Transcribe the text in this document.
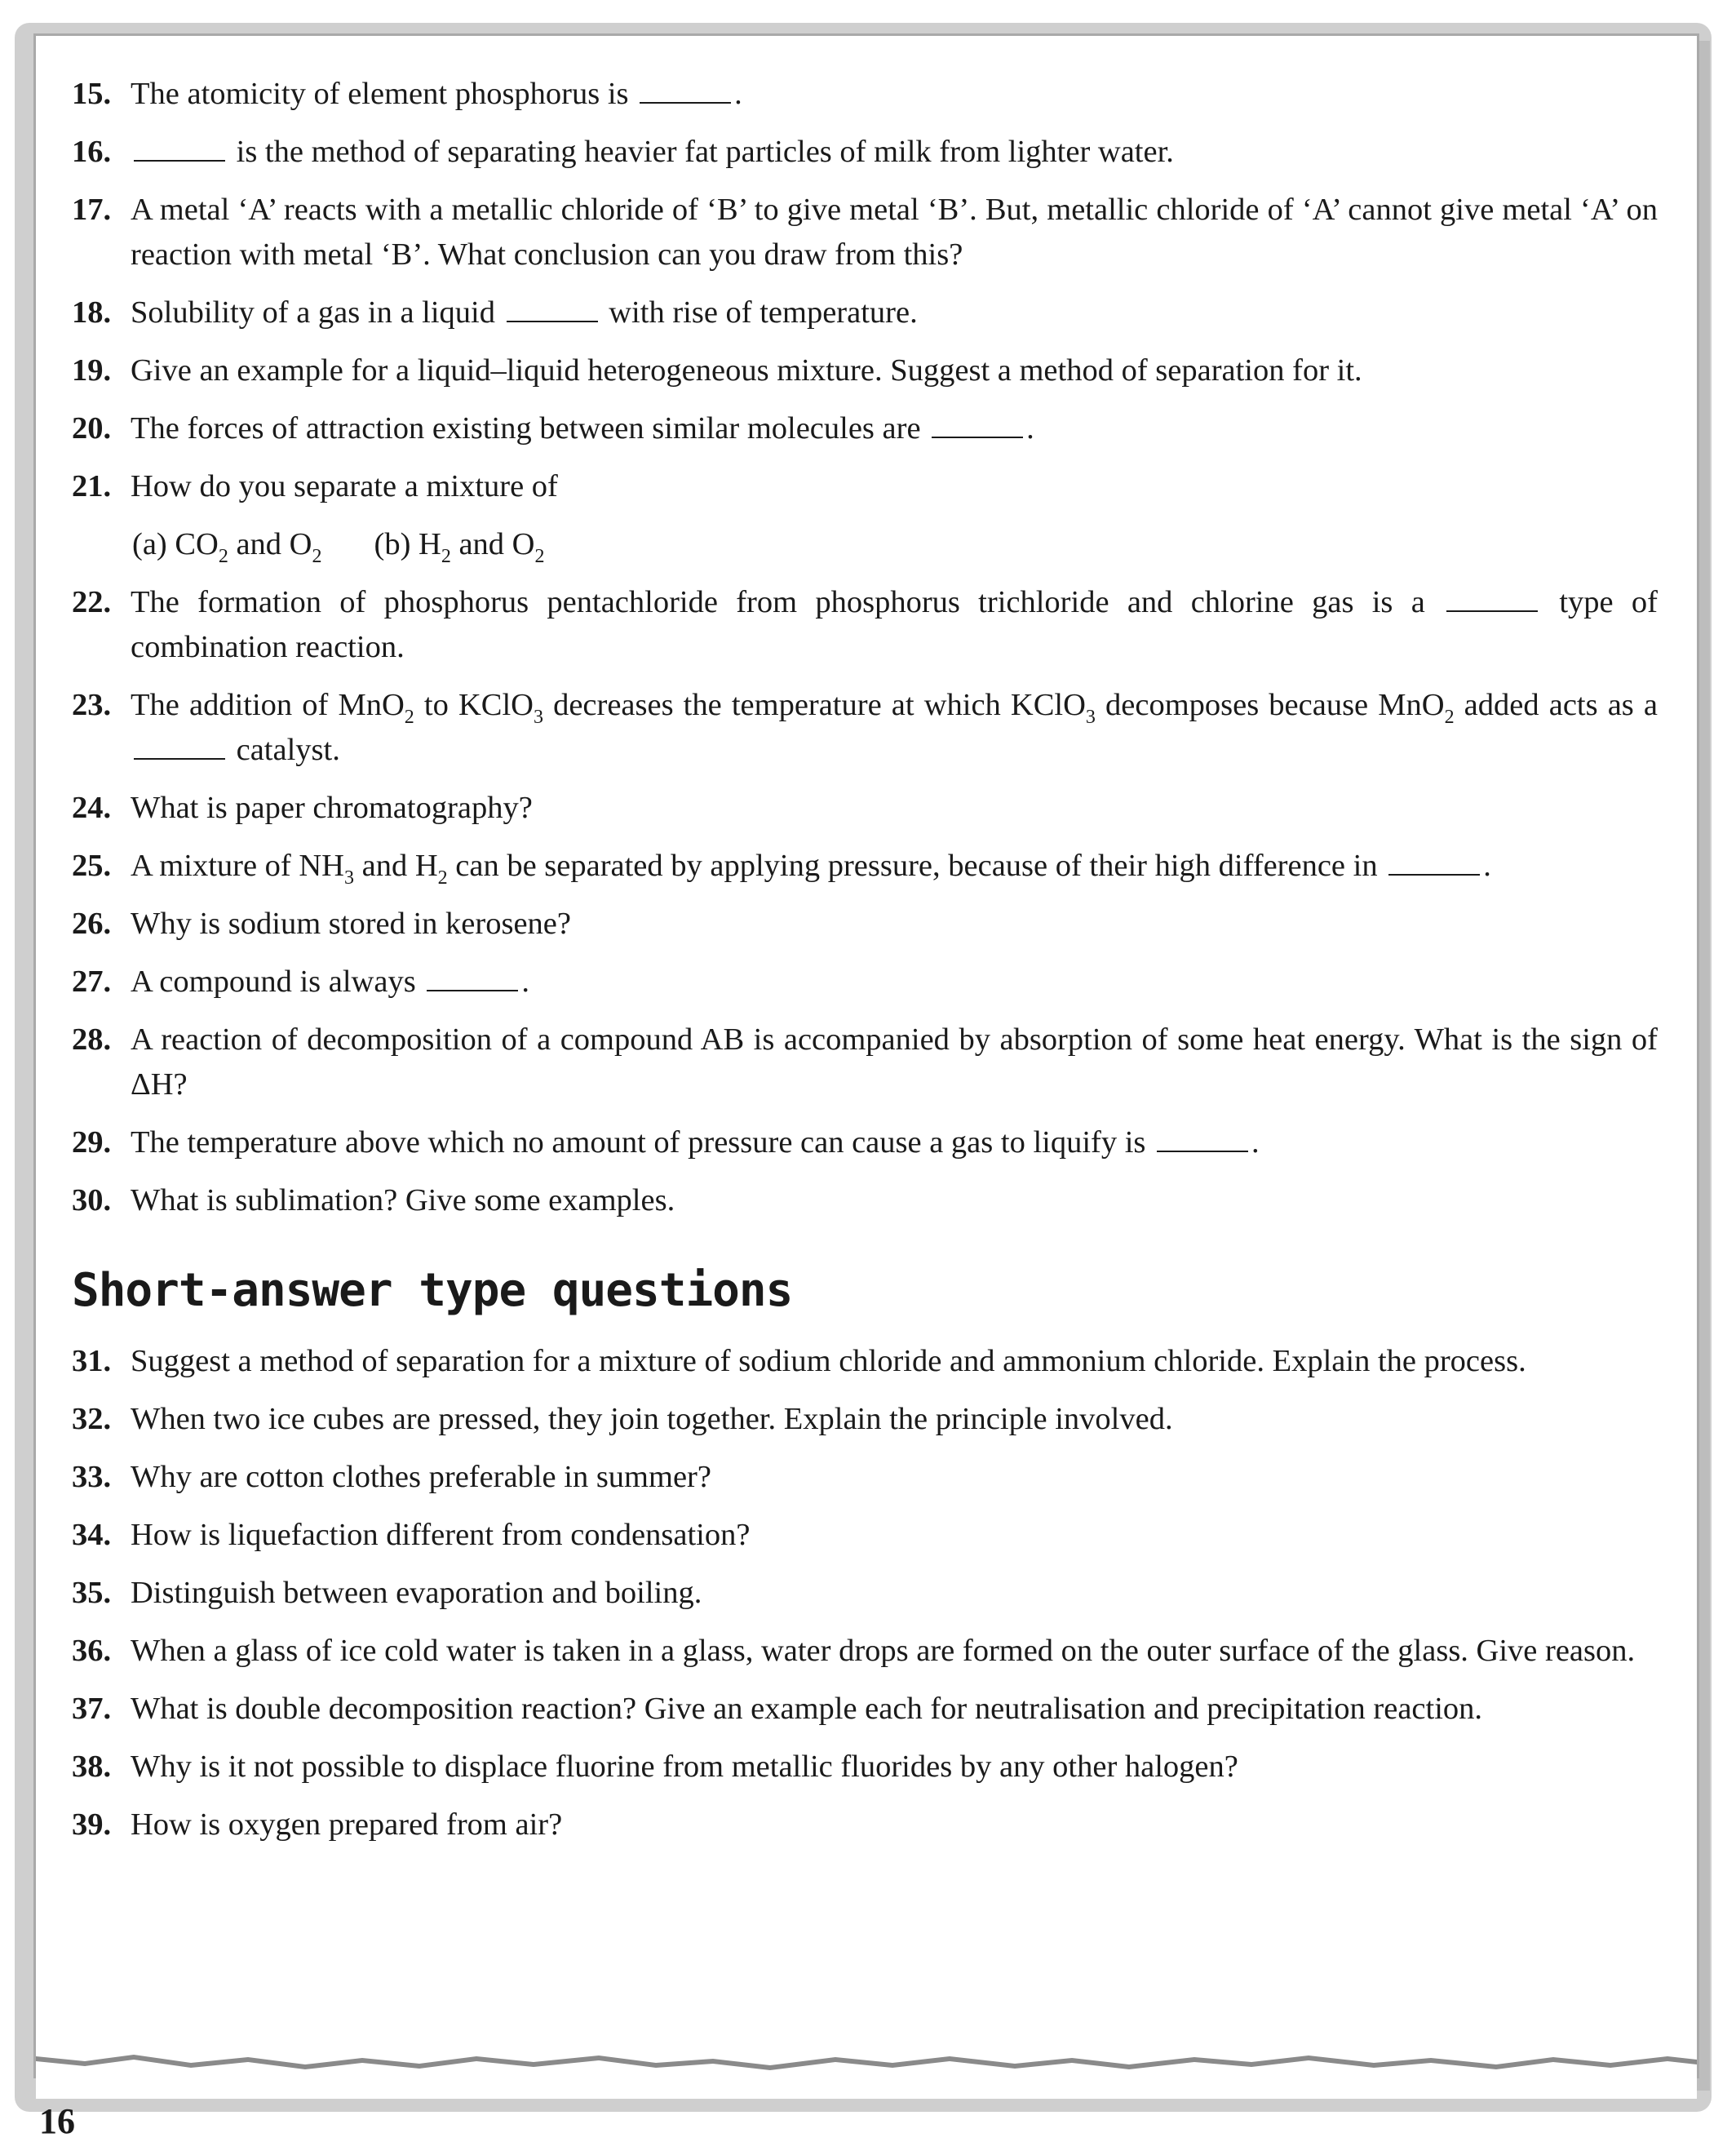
15. The atomicity of element phosphorus is	.
16.	is the method of separating heavier fat particles of milk from lighter water.
17. A metal ‘A’ reacts with a metallic chloride of ‘B’ to give metal ‘B’. But, metallic chloride of ‘A’ cannot give metal ‘A’ on reaction with metal ‘B’. What conclusion can you draw from this?
18. Solubility of a gas in a liquid	with rise of temperature.
19. Give an example for a liquid–liquid heterogeneous mixture. Suggest a method of separation for it.
20. The forces of attraction existing between similar molecules are	.
21. How do you separate a mixture of
(a) $CO_2$ and $O_2$ (b) $H_2$ and $O_2$
22. The formation of phosphorus pentachloride from phosphorus trichloride and chlorine gas is a	type of combination reaction.
23. The addition of MnO$_2$ to KClO$_3$ decreases the temperature at which KClO$_3$ decomposes because MnO$_2$ added acts as a  catalyst.
24. What is paper chromatography?
25. A mixture of $NH_3$ and $H_2$ can be separated by applying pressure, because of their high difference in	.
26. Why is sodium stored in kerosene?
27. A compound is always	.
28. A reaction of decomposition of a compound AB is accompanied by absorption of some heat energy. What is the sign of ΔH?
29. The temperature above which no amount of pressure can cause a gas to liquify is	.
30. What is sublimation? Give some examples.
Short-answer type questions
31. Suggest a method of separation for a mixture of sodium chloride and ammonium chloride. Explain the process.
32. When two ice cubes are pressed, they join together. Explain the principle involved.
33. Why are cotton clothes preferable in summer?
34. How is liquefaction different from condensation?
35. Distinguish between evaporation and boiling.
36. When a glass of ice cold water is taken in a glass, water drops are formed on the outer surface of the glass. Give reason.
37. What is double decomposition reaction? Give an example each for neutralisation and precipitation reaction.
38. Why is it not possible to displace fluorine from metallic fluorides by any other halogen?
39. How is oxygen prepared from air?
16
